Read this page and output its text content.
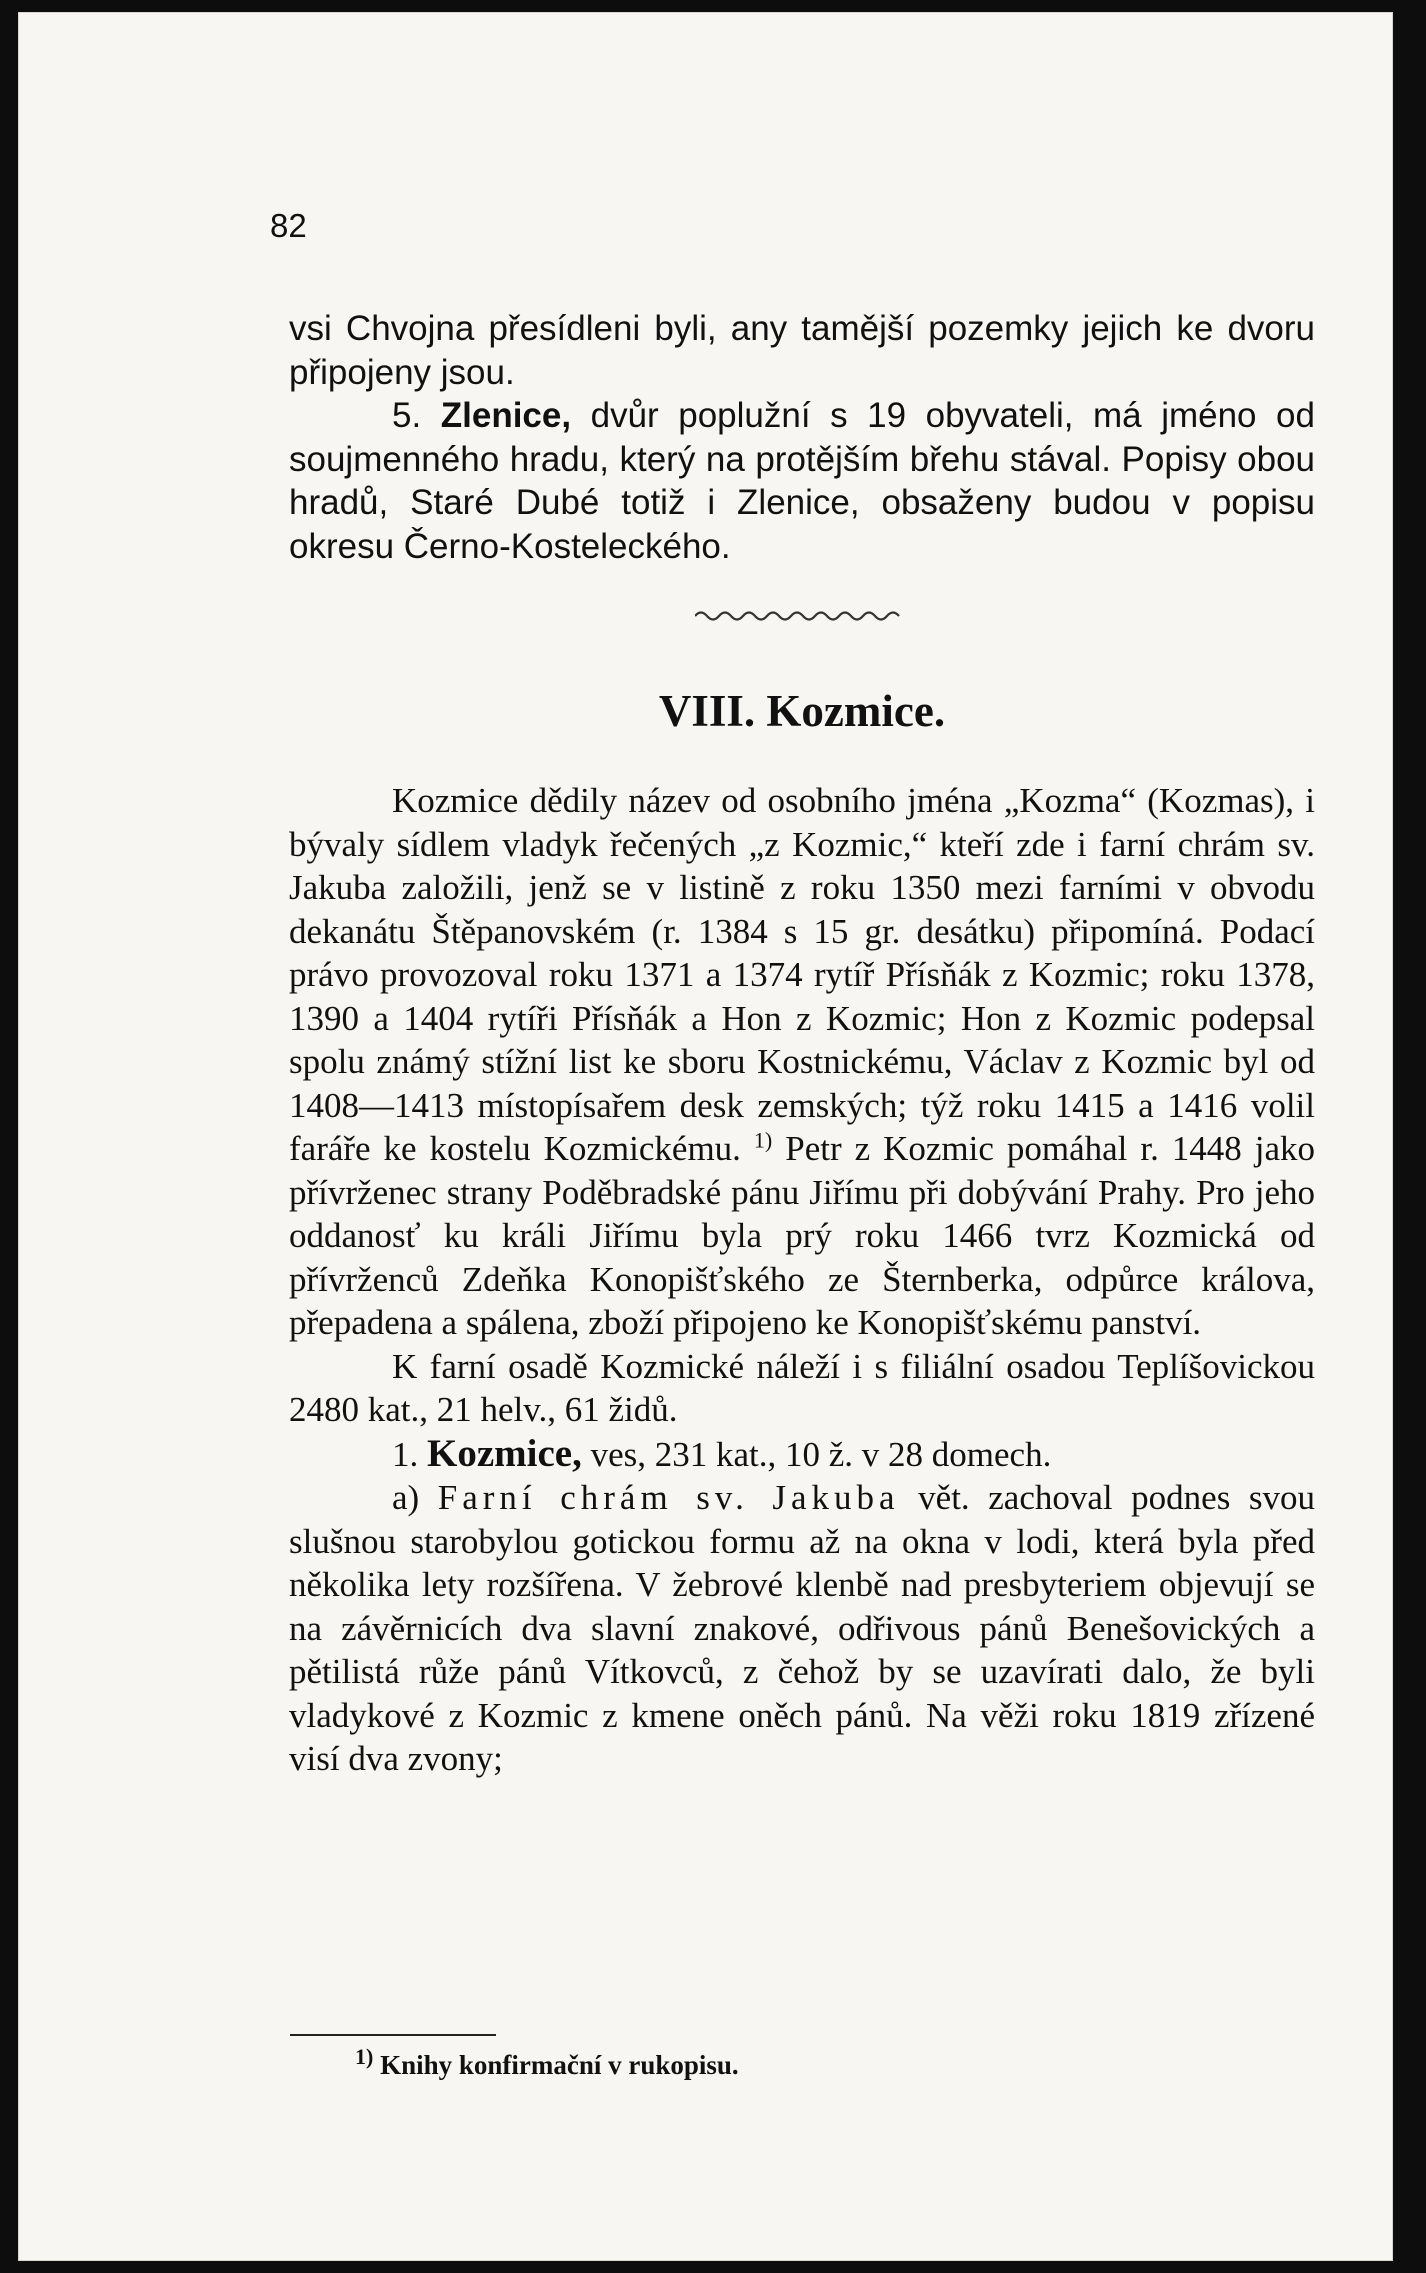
82

vsi Chvojna přesídleni byli, any tamější pozemky jejich ke dvoru připojeny jsou.

5. Zlenice, dvůr poplužní s 19 obyvateli, má jméno od soujmenného hradu, který na protějším břehu stával. Popisy obou hradů, Staré Dubé totiž i Zlenice, obsaženy budou v popisu okresu Černo-Kosteleckého.

VIII. Kozmice.

Kozmice dědily název od osobního jména „Kozma“ (Kozmas), i bývaly sídlem vladyk řečených „z Kozmic,“ kteří zde i farní chrám sv. Jakuba založili, jenž se v listině z roku 1350 mezi farními v obvodu dekanátu Štěpanovském (r. 1384 s 15 gr. desátku) připomíná. Podací právo provozoval roku 1371 a 1374 rytíř Přísňák z Kozmic; roku 1378, 1390 a 1404 rytíři Přísňák a Hon z Kozmic; Hon z Kozmic podepsal spolu známý stížní list ke sboru Kostnickému, Václav z Kozmic byl od 1408—1413 místopísařem desk zemských; týž roku 1415 a 1416 volil faráře ke kostelu Kozmickému. $^{1)}$ Petr z Kozmic pomáhal r. 1448 jako přívrženec strany Poděbradské pánu Jiřímu při dobývání Prahy. Pro jeho oddanosť ku králi Jiřímu byla prý roku 1466 tvrz Kozmická od přívrženců Zdeňka Konopišťského ze Šternberka, odpůrce králova, přepadena a spálena, zboží připojeno ke Konopišťskému panství.

K farní osadě Kozmické náleží i s filiální osadou Teplíšovickou 2480 kat., 21 helv., 61 židů.

1. Kozmice, ves, 231 kat., 10 ž. v 28 domech.

a) Farní chrám sv. Jakuba vět. zachoval podnes svou slušnou starobylou gotickou formu až na okna v lodi, která byla před několika lety rozšířena. V žebrové klenbě nad presbyteriem objevují se na závěrnicích dva slavní znakové, odřivous pánů Benešovických a pětilistá růže pánů Vítkovců, z čehož by se uzavírati dalo, že byli vladykové z Kozmic z kmene oněch pánů. Na věži roku 1819 zřízené visí dva zvony;

$^{1)}$ Knihy konfirmační v rukopisu.
